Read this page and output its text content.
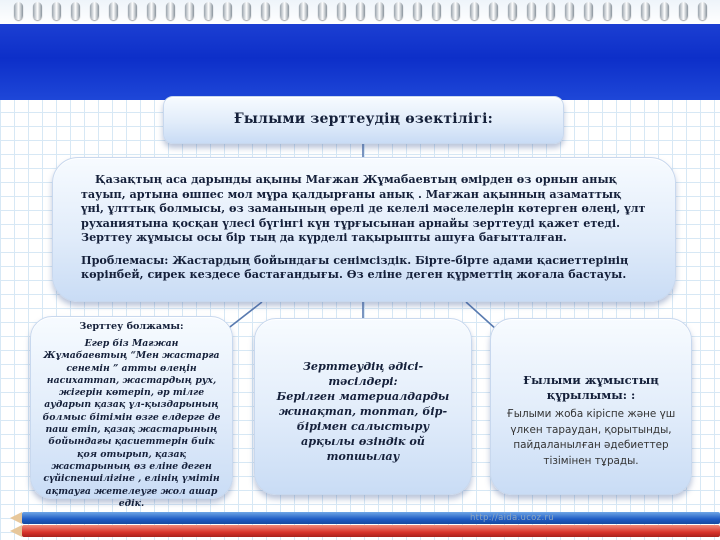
Ғылыми зерттеудің өзектілігі:

Қазақтың аса дарынды ақыны Мағжан Жұмабаевтың өмірден өз орнын анық тауып, артына өшпес мол мұра қалдырғаны анық . Мағжан ақынның азаматтық үні, ұлттық болмысы, өз заманының өрелі де келелі мәселелерін көтерген өлеңі, ұлт руханиятына қосқан үлесі бүгінгі күн тұрғысынан арнайы зерттеуді қажет етеді. Зерттеу жұмысы осы бір тың да күрделі тақырыпты ашуға бағытталған.

Проблемасы: Жастардың бойындағы сенімсіздік. Бірте-бірте адами қасиеттерінің көрінбей, сирек кездесе бастағандығы. Өз еліне деген құрметтің жоғала бастауы.

Зерттеу болжамы:
Егер біз Мағжан Жұмабаевтың “Мен жастарға сенемін ” атты өлеңін насихаттап, жастардың рух, жігерін көтеріп, әр тілге аударып қазақ ұл-қыздарының болмыс бітімін өзге елдерге де паш етіп, қазақ жастарының бойындағы қасиеттерін биік қоя отырып, қазақ жастарының өз еліне деген сүйіспеншілігіне , елінің үмітін ақтауға жетелеуге жол ашар едік.
Зерттеудің әдісі-тәсілдері:
Берілген материалдарды жинақтап, топтап, бір-бірімен салыстыру арқылы өзіндік ой топшылау
Ғылыми жұмыстың құрылымы: :
Ғылыми жоба кіріспе және үш үлкен тараудан, қорытынды, пайдаланылған әдебиеттер тізімінен тұрады.
http://aida.ucoz.ru
